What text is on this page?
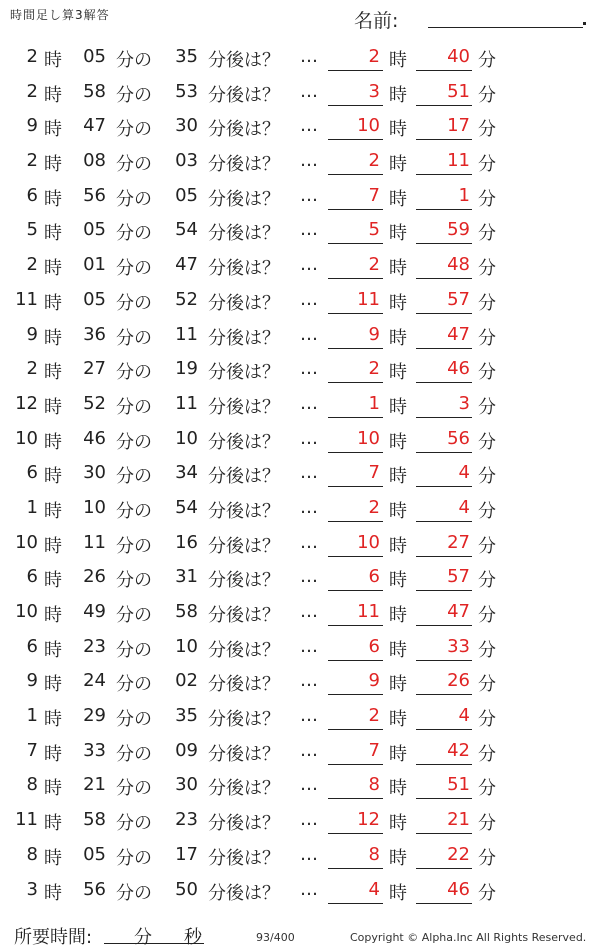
時間足し算3解答	名前:
2 時 05 分の 35 分後は？ …	2 時	40 分
2 時 58 分の 53 分後は？ …	3 時	51 分
9 時 47 分の 30 分後は？ …	10 時	17 分
2 時 08 分の 03 分後は？ …	2 時	11 分
6 時 56 分の 05 分後は？ …	7 時	1 分
5 時 05 分の 54 分後は？ …	5 時	59 分
2 時 01 分の 47 分後は？ …	2 時	48 分
11 時 05 分の 52 分後は？ …	11 時	57 分
9 時 36 分の 11 分後は？ …	9 時	47 分
2 時 27 分の 19 分後は？ …	2 時	46 分
12 時 52 分の 11 分後は？ …	1 時	3 分
10 時 46 分の 10 分後は？ …	10 時	56 分
6 時 30 分の 34 分後は？ …	7 時	4 分
1 時 10 分の 54 分後は？ …	2 時	4 分
10 時 11 分の 16 分後は？ …	10 時	27 分
6 時 26 分の 31 分後は？ …	6 時	57 分
10 時 49 分の 58 分後は？ …	11 時	47 分
6 時 23 分の 10 分後は？ …	6 時	33 分
9 時 24 分の 02 分後は？ …	9 時	26 分
1 時 29 分の 35 分後は？ …	2 時	4 分
7 時 33 分の 09 分後は？ …	7 時	42 分
8 時 21 分の 30 分後は？ …	8 時	51 分
11 時 58 分の 23 分後は？ …	12 時	21 分
8 時 05 分の 17 分後は？ …	8 時	22 分
3 時 56 分の 50 分後は？ …	4 時	46 分
所要時間: 分 秒	93/400	Copyright © Alpha.Inc All Rights Reserved.
